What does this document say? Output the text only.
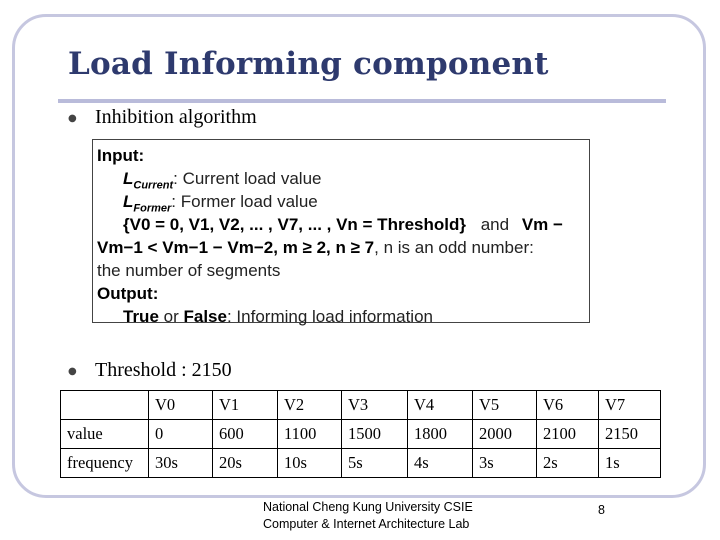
Load Informing component
● Inhibition algorithm
Input:
$L_{Current}$: Current load value
$L_{Former}$: Former load value
{V0 = 0, V1, V2, ... , V7, ... , Vn = Threshold} and Vm −
Vm−1 < Vm−1 − Vm−2, m ≥ 2, n ≥ 7, n is an odd number:
the number of segments
Output:
True or False: Informing load information
● Threshold : 2150
	V0	V1	V2	V3	V4	V5	V6	V7
value	0	600	1100	1500	1800	2000	2100	2150
frequency	30s	20s	10s	5s	4s	3s	2s	1s
National Cheng Kung University CSIE
Computer & Internet Architecture Lab
8
